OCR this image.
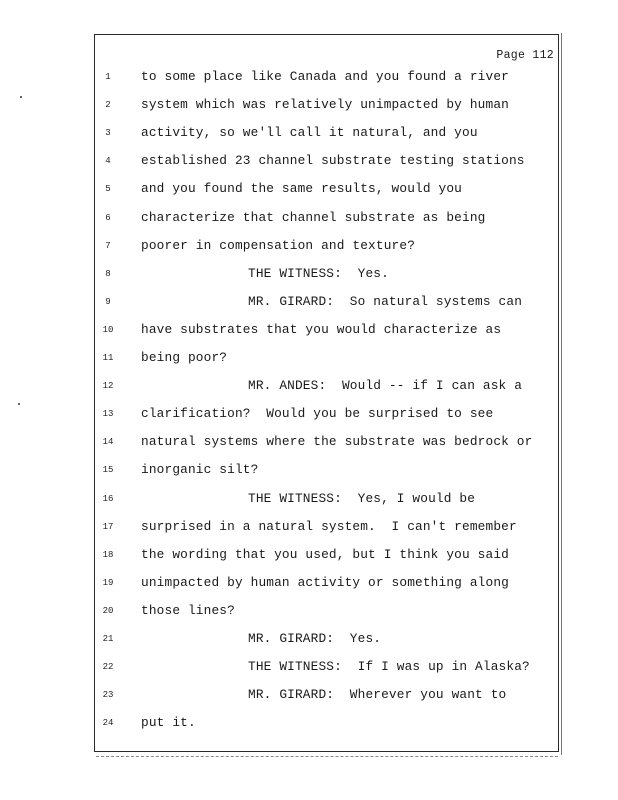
Page 112
1	to some place like Canada and you found a river
2	system which was relatively unimpacted by human
3	activity, so we'll call it natural, and you
4	established 23 channel substrate testing stations
5	and you found the same results, would you
6	characterize that channel substrate as being
7	poorer in compensation and texture?
8	THE WITNESS:  Yes.
9	MR. GIRARD:  So natural systems can
10	have substrates that you would characterize as
11	being poor?
12	MR. ANDES:  Would -- if I can ask a
13	clarification?  Would you be surprised to see
14	natural systems where the substrate was bedrock or
15	inorganic silt?
16	THE WITNESS:  Yes, I would be
17	surprised in a natural system.  I can't remember
18	the wording that you used, but I think you said
19	unimpacted by human activity or something along
20	those lines?
21	MR. GIRARD:  Yes.
22	THE WITNESS:  If I was up in Alaska?
23	MR. GIRARD:  Wherever you want to
24	put it.
